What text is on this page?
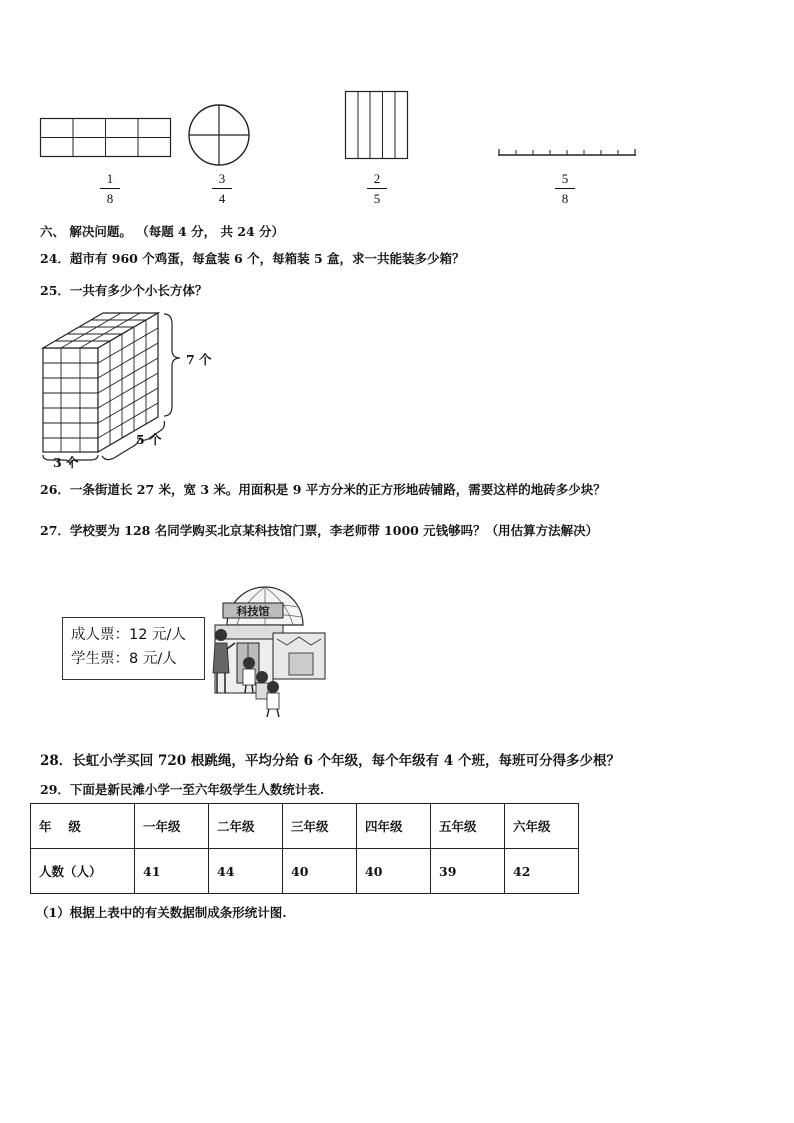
1
8
3
4
2
5
5
8
六、 解决问题。 （每题 4 分， 共 24 分）
24．超市有 960 个鸡蛋，每盒装 6 个，每箱装 5 盒，求一共能装多少箱？
25．一共有多少个小长方体？
7 个
5 个
3 个
26．一条街道长 27 米，宽 3 米。用面积是 9 平方分米的正方形地砖铺路，需要这样的地砖多少块？
27．学校要为 128 名同学购买北京某科技馆门票，李老师带 1000 元钱够吗？（用估算方法解决）
成人票：12 元/人
学生票：8 元/人
科技馆
28．长虹小学买回 720 根跳绳，平均分给 6 个年级，每个年级有 4 个班，每班可分得多少根？
29．下面是新民滩小学一至六年级学生人数统计表.
年　 级	一年级	二年级	三年级	四年级	五年级	六年级
人数（人）	41	44	40	40	39	42
（1）根据上表中的有关数据制成条形统计图.
